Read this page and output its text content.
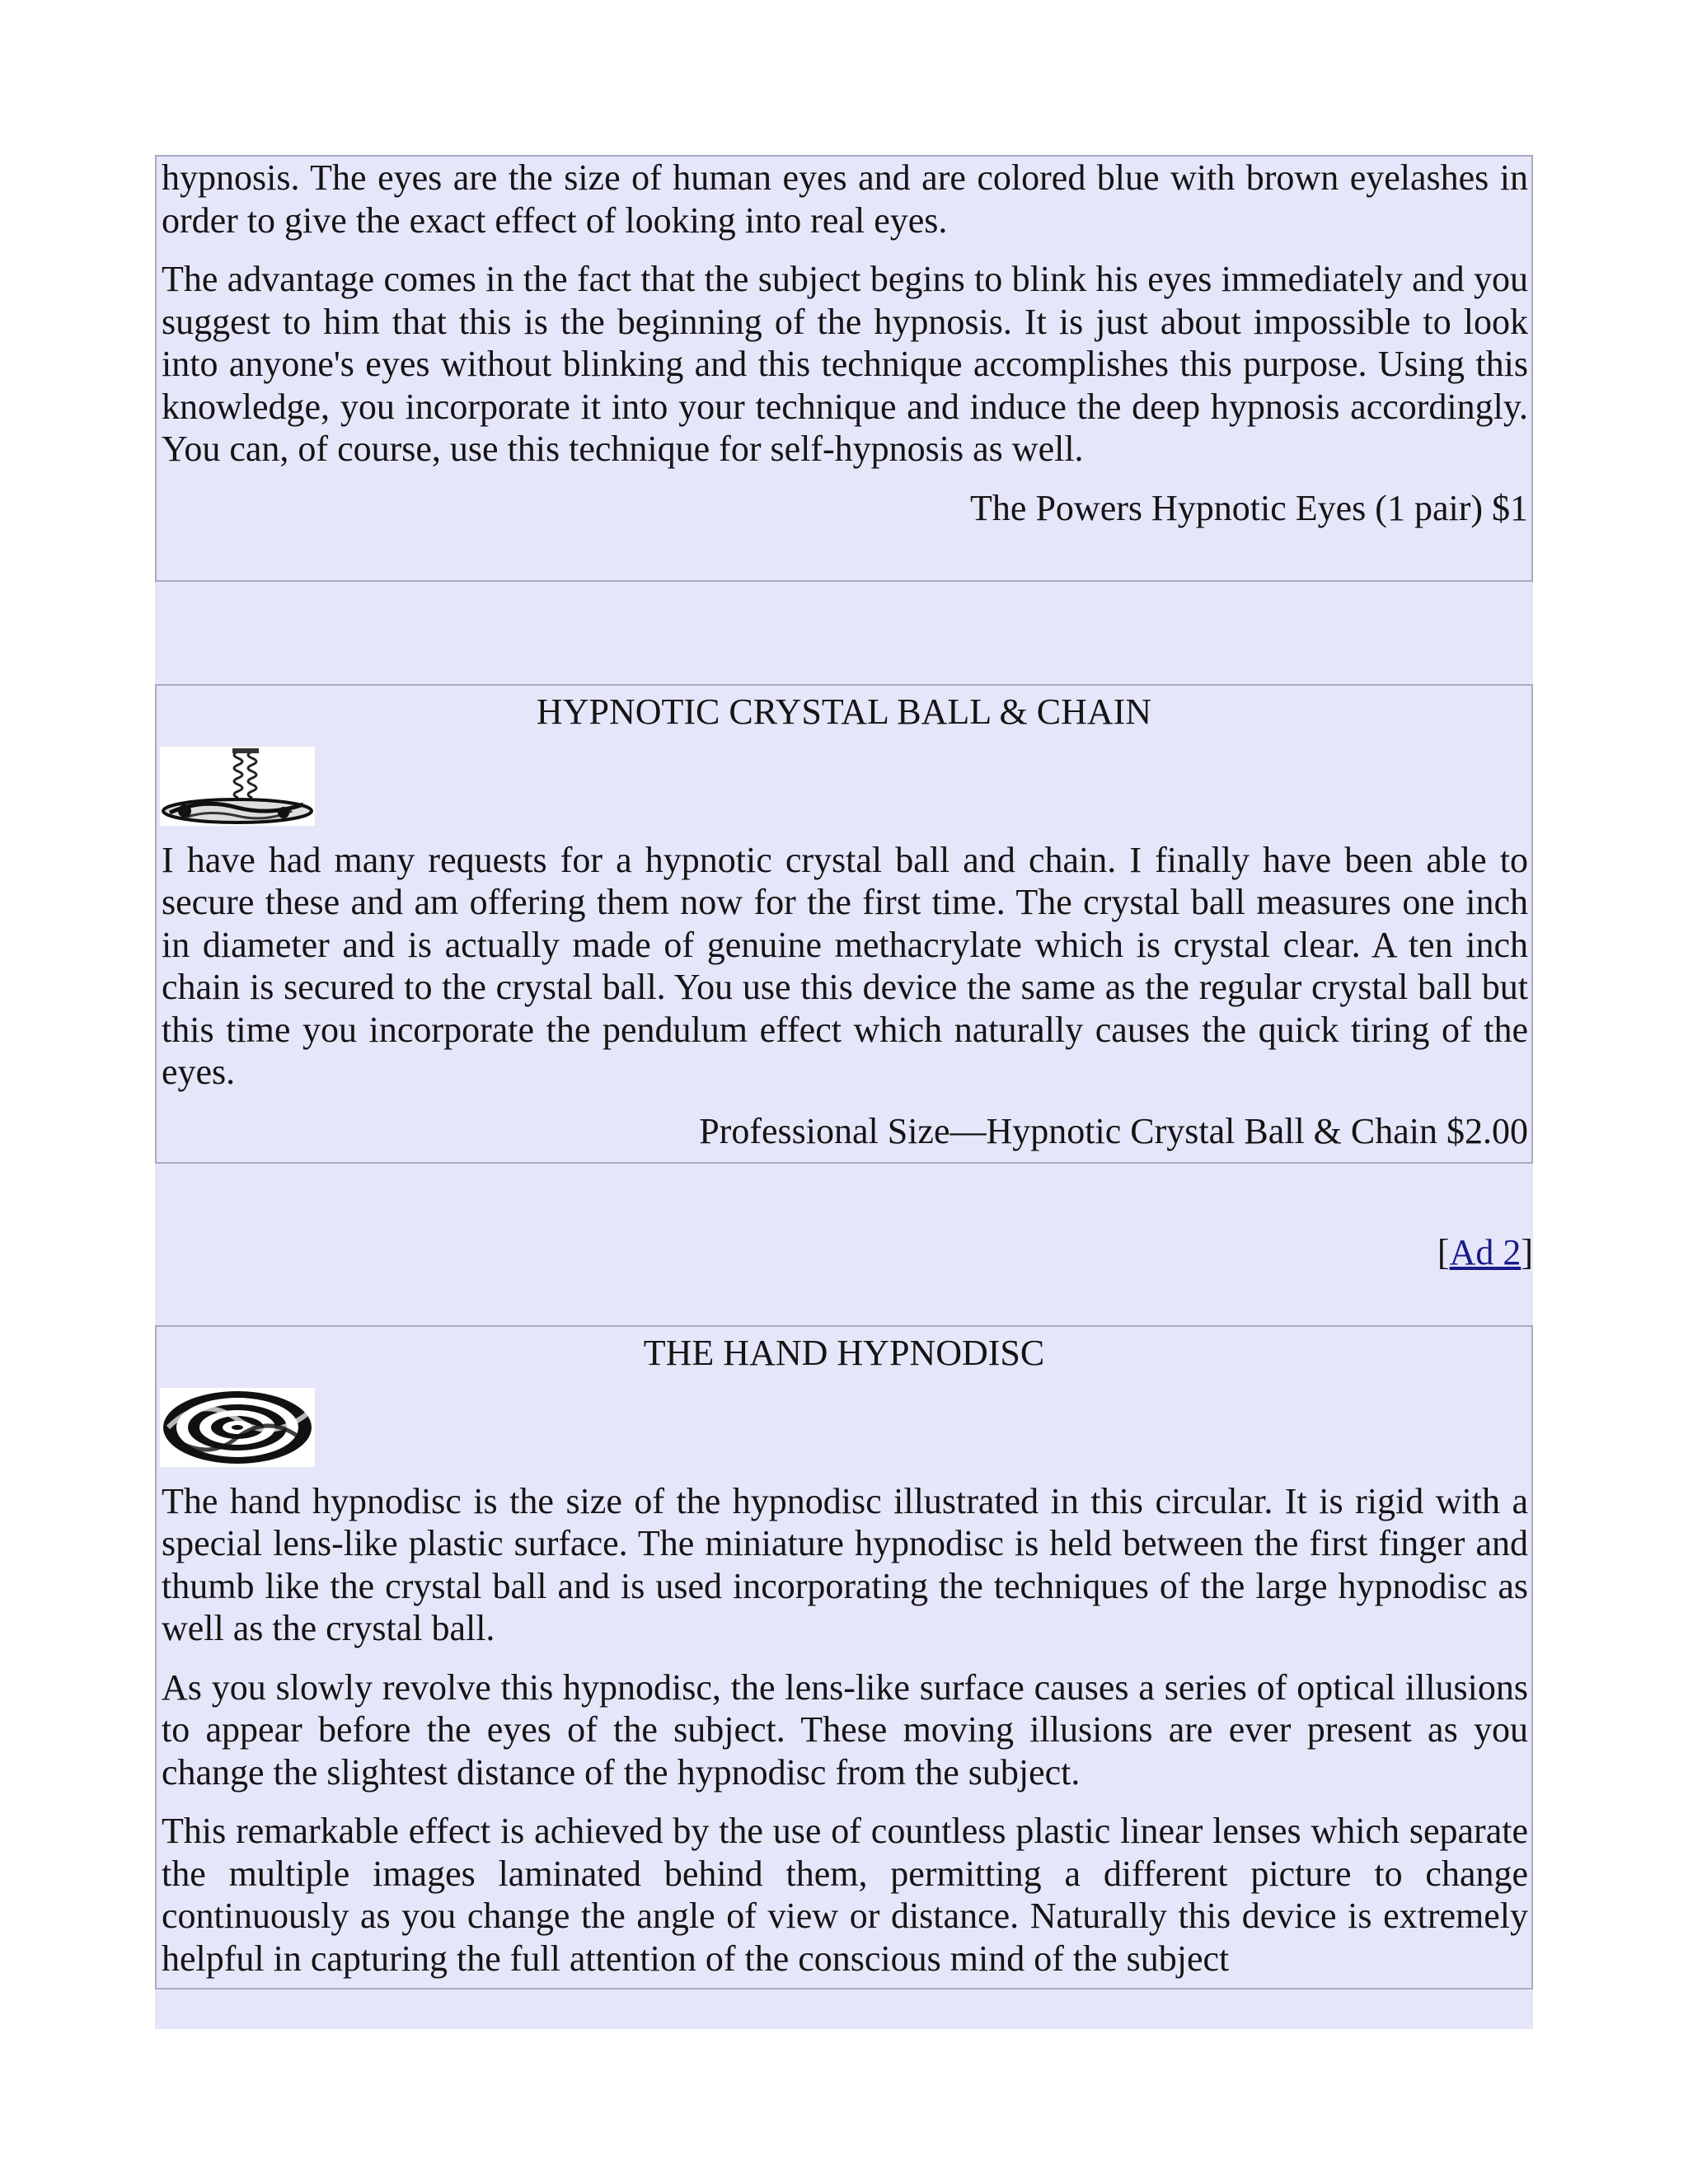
hypnosis. The eyes are the size of human eyes and are colored blue with brown eyelashes in order to give the exact effect of looking into real eyes.

The advantage comes in the fact that the subject begins to blink his eyes immediately and you suggest to him that this is the beginning of the hypnosis. It is just about impossible to look into anyone's eyes without blinking and this technique accomplishes this purpose. Using this knowledge, you incorporate it into your technique and induce the deep hypnosis accordingly. You can, of course, use this technique for self-hypnosis as well.

The Powers Hypnotic Eyes (1 pair) $1
HYPNOTIC CRYSTAL BALL & CHAIN

I have had many requests for a hypnotic crystal ball and chain. I finally have been able to secure these and am offering them now for the first time. The crystal ball measures one inch in diameter and is actually made of genuine methacrylate which is crystal clear. A ten inch chain is secured to the crystal ball. You use this device the same as the regular crystal ball but this time you incorporate the pendulum effect which naturally causes the quick tiring of the eyes.

Professional Size—Hypnotic Crystal Ball & Chain $2.00
[Ad 2]
THE HAND HYPNODISC

The hand hypnodisc is the size of the hypnodisc illustrated in this circular. It is rigid with a special lens-like plastic surface. The miniature hypnodisc is held between the first finger and thumb like the crystal ball and is used incorporating the techniques of the large hypnodisc as well as the crystal ball.

As you slowly revolve this hypnodisc, the lens-like surface causes a series of optical illusions to appear before the eyes of the subject. These moving illusions are ever present as you change the slightest distance of the hypnodisc from the subject.

This remarkable effect is achieved by the use of countless plastic linear lenses which separate the multiple images laminated behind them, permitting a different picture to change continuously as you change the angle of view or distance. Naturally this device is extremely helpful in capturing the full attention of the conscious mind of the subject
